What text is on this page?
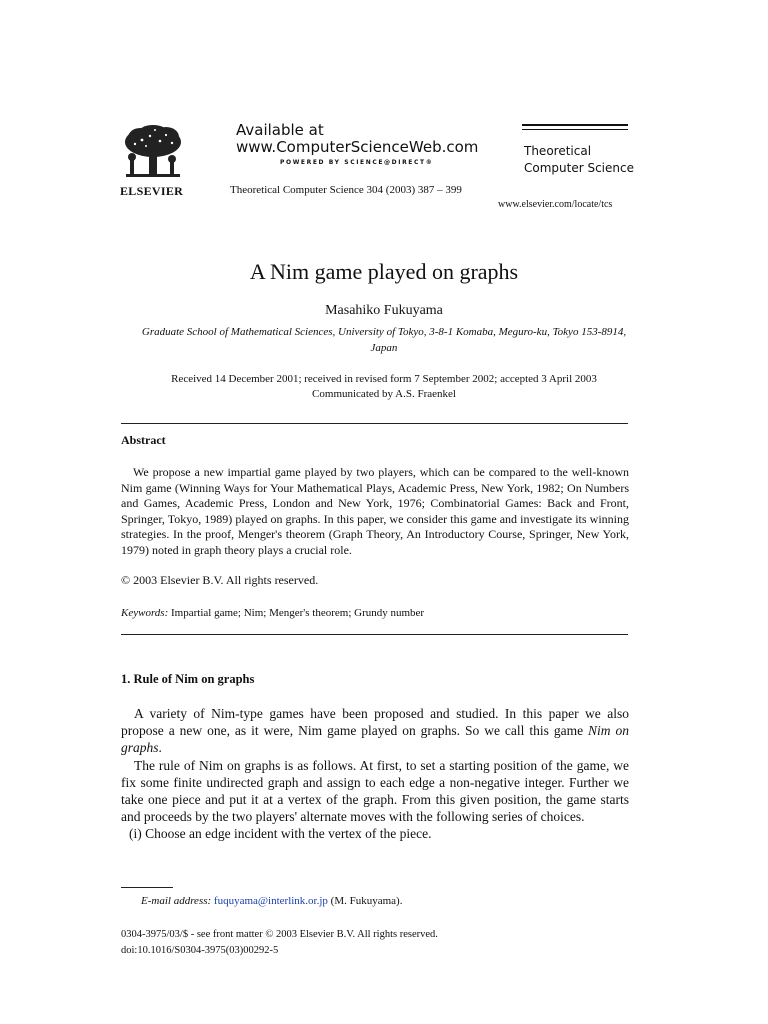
ELSEVIER
Available at
www.ComputerScienceWeb.com
POWERED BY SCIENCE@DIRECT®
Theoretical Computer Science 304 (2003) 387 – 399
Theoretical
Computer Science
www.elsevier.com/locate/tcs
A Nim game played on graphs
Masahiko Fukuyama
Graduate School of Mathematical Sciences, University of Tokyo, 3-8-1 Komaba, Meguro-ku, Tokyo 153-8914, Japan
Received 14 December 2001; received in revised form 7 September 2002; accepted 3 April 2003
Communicated by A.S. Fraenkel
Abstract

We propose a new impartial game played by two players, which can be compared to the well-known Nim game (Winning Ways for Your Mathematical Plays, Academic Press, New York, 1982; On Numbers and Games, Academic Press, London and New York, 1976; Combinatorial Games: Back and Front, Springer, Tokyo, 1989) played on graphs. In this paper, we consider this game and investigate its winning strategies. In the proof, Menger's theorem (Graph Theory, An Introductory Course, Springer, New York, 1979) noted in graph theory plays a crucial role.

© 2003 Elsevier B.V. All rights reserved.
Keywords: Impartial game; Nim; Menger's theorem; Grundy number
1. Rule of Nim on graphs

A variety of Nim-type games have been proposed and studied. In this paper we also propose a new one, as it were, Nim game played on graphs. So we call this game Nim on graphs.

The rule of Nim on graphs is as follows. At first, to set a starting position of the game, we fix some finite undirected graph and assign to each edge a non-negative integer. Further we take one piece and put it at a vertex of the graph. From this given position, the game starts and proceeds by the two players' alternate moves with the following series of choices.

(i) Choose an edge incident with the vertex of the piece.

E-mail address: fuquyama@interlink.or.jp (M. Fukuyama).
0304-3975/03/$ - see front matter © 2003 Elsevier B.V. All rights reserved.
doi:10.1016/S0304-3975(03)00292-5
